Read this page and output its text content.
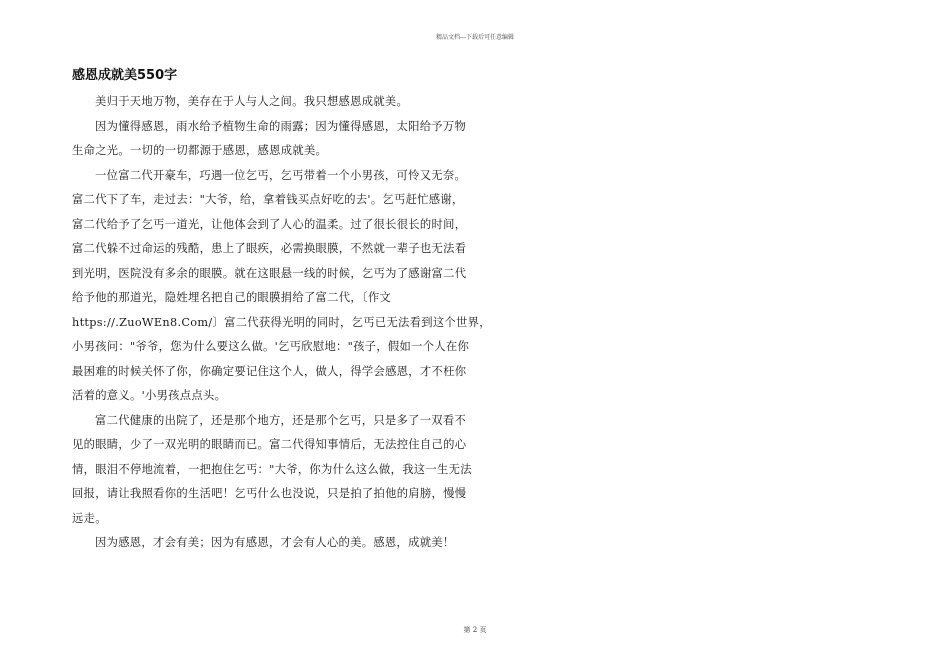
精品文档---下载后可任意编辑
感恩成就美550字
美归于天地万物，美存在于人与人之间。我只想感恩成就美。
因为懂得感恩，雨水给予植物生命的雨露；因为懂得感恩，太阳给予万物
生命之光。一切的一切都源于感恩，感恩成就美。
一位富二代开豪车，巧遇一位乞丐，乞丐带着一个小男孩，可怜又无奈。
富二代下了车，走过去："大爷，给，拿着钱买点好吃的去'。乞丐赶忙感谢，
富二代给予了乞丐一道光，让他体会到了人心的温柔。过了很长很长的时间，
富二代躲不过命运的残酷，患上了眼疾，必需换眼膜，不然就一辈子也无法看
到光明，医院没有多余的眼膜。就在这眼悬一线的时候，乞丐为了感谢富二代
给予他的那道光，隐姓埋名把自己的眼膜捐给了富二代，〔作文
https://.ZuoWEn8.Com/〕富二代获得光明的同时，乞丐已无法看到这个世界，
小男孩问："爷爷，您为什么要这么做。'乞丐欣慰地："孩子，假如一个人在你
最困难的时候关怀了你，你确定要记住这个人，做人，得学会感恩，才不枉你
活着的意义。'小男孩点点头。
富二代健康的出院了，还是那个地方，还是那个乞丐，只是多了一双看不
见的眼睛，少了一双光明的眼睛而已。富二代得知事情后，无法控住自己的心
情，眼泪不停地流着，一把抱住乞丐："大爷，你为什么这么做，我这一生无法
回报，请让我照看你的生活吧！乞丐什么也没说，只是拍了拍他的肩膀，慢慢
远走。
因为感恩，才会有美；因为有感恩，才会有人心的美。感恩，成就美！
第 2 页
